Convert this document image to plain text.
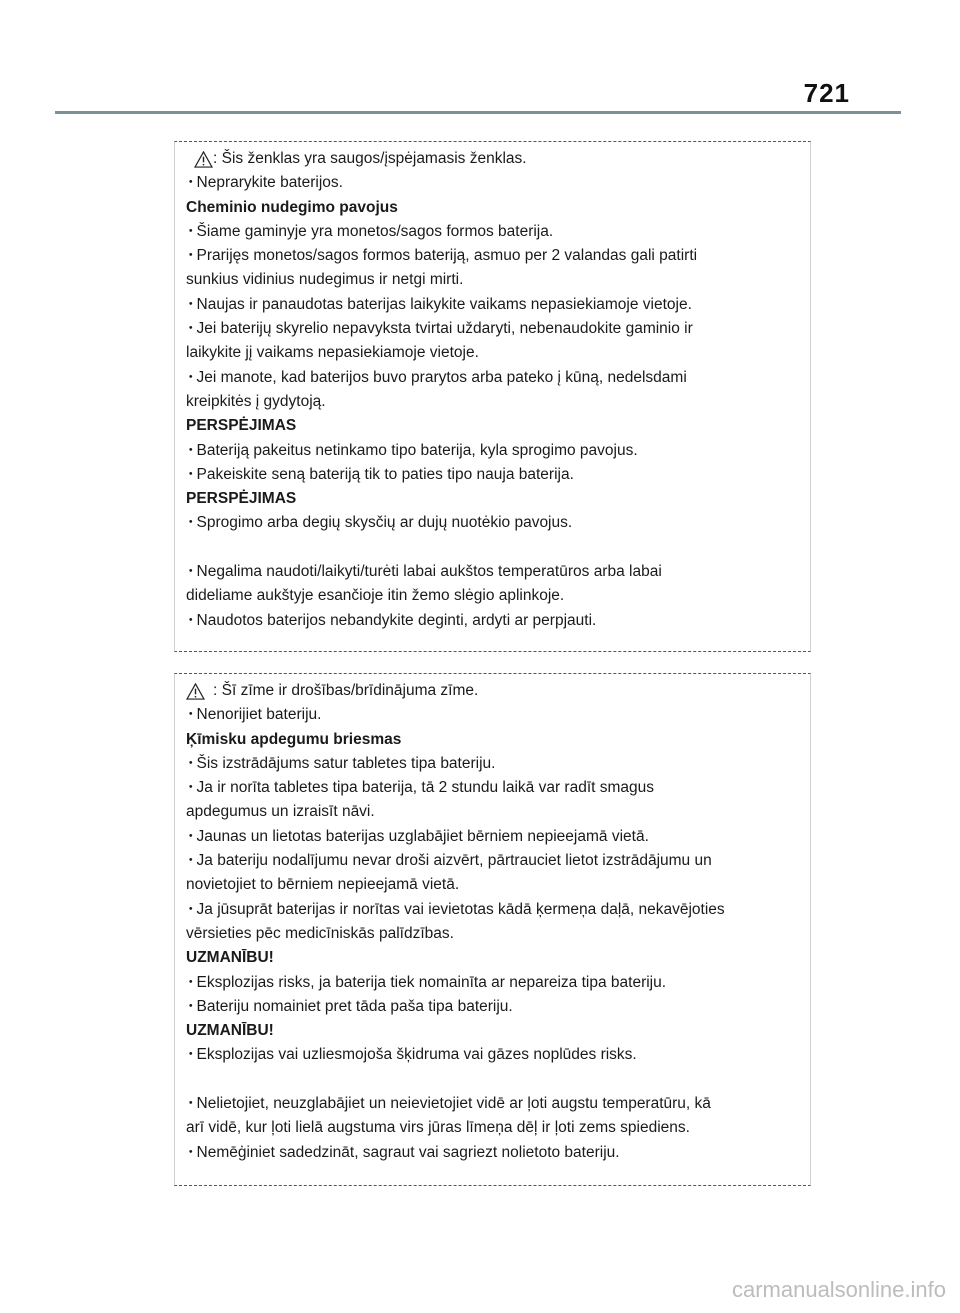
721
: Šis ženklas yra saugos/įspėjamasis ženklas.
・ Neprarykite baterijos.
Cheminio nudegimo pavojus
・ Šiame gaminyje yra monetos/sagos formos baterija.
・ Prarijęs monetos/sagos formos bateriją, asmuo per 2 valandas gali patirti
sunkius vidinius nudegimus ir netgi mirti.
・ Naujas ir panaudotas baterijas laikykite vaikams nepasiekiamoje vietoje.
・ Jei baterijų skyrelio nepavyksta tvirtai uždaryti, nebenaudokite gaminio ir
laikykite jį vaikams nepasiekiamoje vietoje.
・ Jei manote, kad baterijos buvo prarytos arba pateko į kūną, nedelsdami
kreipkitės į gydytoją.
PERSPĖJIMAS
・ Bateriją pakeitus netinkamo tipo baterija, kyla sprogimo pavojus.
・ Pakeiskite seną bateriją tik to paties tipo nauja baterija.
PERSPĖJIMAS
・ Sprogimo arba degių skysčių ar dujų nuotėkio pavojus.
・ Negalima naudoti/laikyti/turėti labai aukštos temperatūros arba labai
dideliame aukštyje esančioje itin žemo slėgio aplinkoje.
・ Naudotos baterijos nebandykite deginti, ardyti ar perpjauti.
: Šī zīme ir drošības/brīdinājuma zīme.
・ Nenorijiet bateriju.
Ķīmisku apdegumu briesmas
・ Šis izstrādājums satur tabletes tipa bateriju.
・ Ja ir norīta tabletes tipa baterija, tā 2 stundu laikā var radīt smagus
apdegumus un izraisīt nāvi.
・ Jaunas un lietotas baterijas uzglabājiet bērniem nepieejamā vietā.
・ Ja bateriju nodalījumu nevar droši aizvērt, pārtrauciet lietot izstrādājumu un
novietojiet to bērniem nepieejamā vietā.
・ Ja jūsuprāt baterijas ir norītas vai ievietotas kādā ķermeņa daļā, nekavējoties
vērsieties pēc medicīniskās palīdzības.
UZMANĪBU!
・ Eksplozijas risks, ja baterija tiek nomainīta ar nepareiza tipa bateriju.
・ Bateriju nomainiet pret tāda paša tipa bateriju.
UZMANĪBU!
・ Eksplozijas vai uzliesmojoša šķidruma vai gāzes noplūdes risks.
・ Nelietojiet, neuzglabājiet un neievietojiet vidē ar ļoti augstu temperatūru, kā
arī vidē, kur ļoti lielā augstuma virs jūras līmeņa dēļ ir ļoti zems spiediens.
・ Nemēģiniet sadedzināt, sagraut vai sagriezt nolietoto bateriju.
carmanualsonline.info
